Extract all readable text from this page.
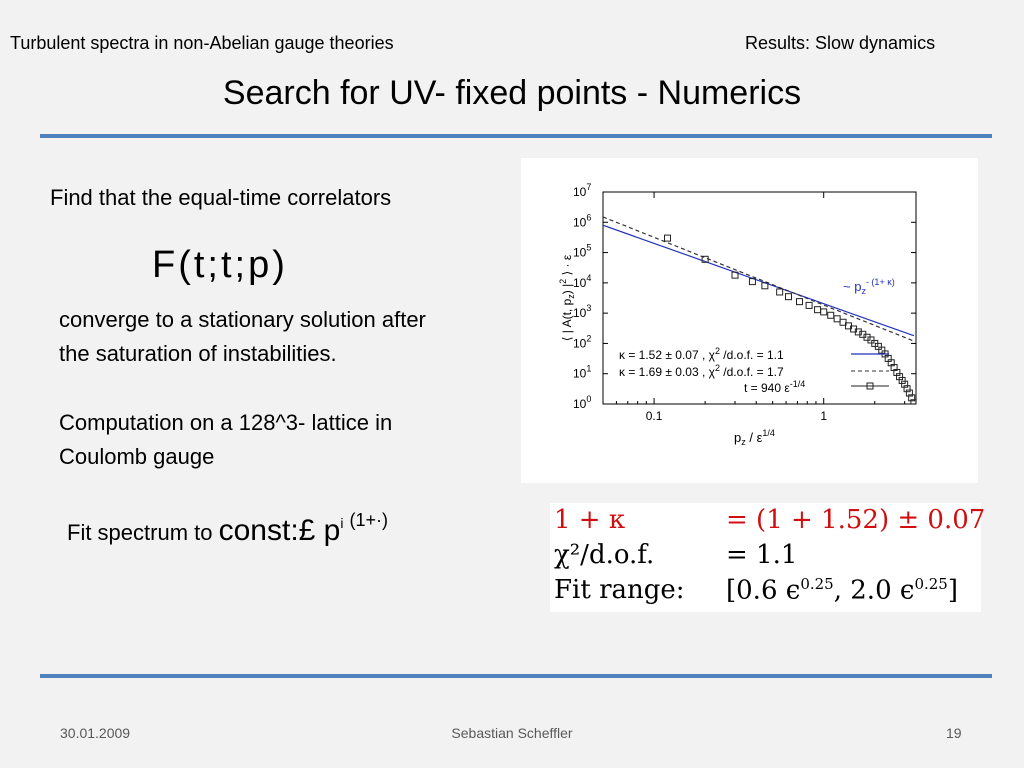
Turbulent spectra in non-Abelian gauge theories	Results: Slow dynamics
Search for UV- fixed points - Numerics
Find that the equal-time correlators
F(t;t;p)
converge to a stationary solution after
the saturation of instabilities.
Computation on a 128^3- lattice in
Coulomb gauge
Fit spectrum to const:£ $p^i$ $^{(1+\cdot)}$
$10^0$
$10^1$
$10^2$
$10^3$
$10^4$
$10^5$
$10^6$
$10^7$
0.1	1
⟨ | A(t, $p_z$) $|^2$ ⟩ · ε
$p_z / \varepsilon^{1/4}$
~ $p_z^{- (1+ \kappa)}$
κ = 1.52 ± 0.07 , $\chi^2$ /d.o.f. = 1.1
κ = 1.69 ± 0.03 , $\chi^2$ /d.o.f. = 1.7
t = 940 $\varepsilon^{-1/4}$
1 + κ	= (1 + 1.52) ± 0.07
χ²/d.o.f.	= 1.1
Fit range: [0.6 $\epsilon^{0.25}$, 2.0 $\epsilon^{0.25}$]
30.01.2009	Sebastian Scheffler	19
